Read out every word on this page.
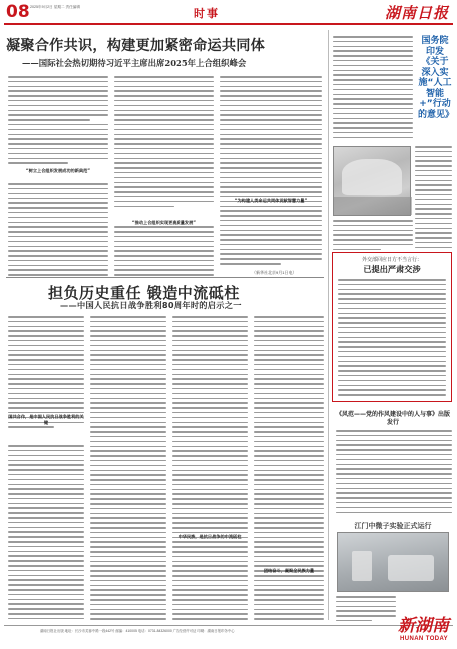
08 2025年9月2日 星期二 责任编辑	时事	湖南日报
凝聚合作共识，构建更加紧密命运共同体
——国际社会热切期待习近平主席出席2025年上合组织峰会
“树立上合组织发展成功的新典范”
“推动上合组织实现更高质量发展”
“为构建人类命运共同体贡献智慧力量”
（新华社北京9月1日电）
担负历史重任 锻造中流砥柱
——中国人民抗日战争胜利80周年时的启示之一
国共合作，是中国人民抗日战争胜利的关键
中华民族，是抗日战争的中流砥柱
团结奋斗，凝聚全民族力量
国务院印发《关于深入实施“人工智能+”行动的意见》
外交部回应日方不当言行：
已提出严肃交涉
《风范——党的作风建设中的人与事》出版发行
江门中微子实验正式运行
湖南日报社出版 地址：长沙市芙蓉中路一段442号 邮编：410005 电话：0731-84326000 广告经营许可证 印刷：湖南日报印务中心	新湖南
HUNAN TODAY
